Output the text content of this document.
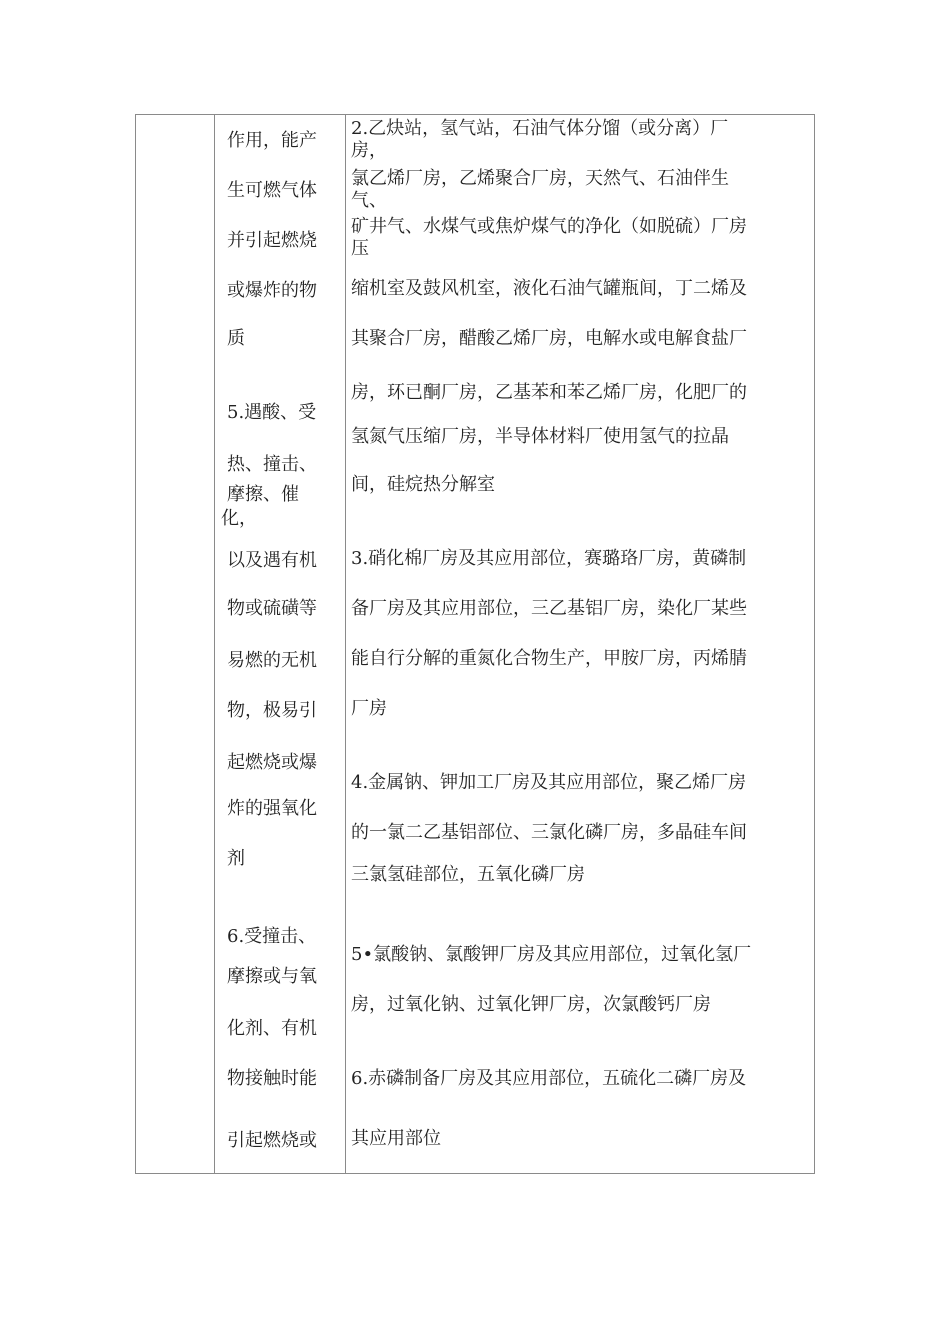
作用，能产
生可燃气体
并引起燃烧
或爆炸的物
质
5.遇酸、受
热、撞击、
摩擦、催
化，
以及遇有机
物或硫磺等
易燃的无机
物，极易引
起燃烧或爆
炸的强氧化
剂
6.受撞击、
摩擦或与氧
化剂、有机
物接触时能
引起燃烧或
2.乙炔站，氢气站，石油气体分馏（或分离）厂
房，
氯乙烯厂房，乙烯聚合厂房，天然气、石油伴生
气、
矿井气、水煤气或焦炉煤气的净化（如脱硫）厂房
压
缩机室及鼓风机室，液化石油气罐瓶间，丁二烯及
其聚合厂房，醋酸乙烯厂房，电解水或电解食盐厂
房，环已酮厂房，乙基苯和苯乙烯厂房，化肥厂的
氢氮气压缩厂房，半导体材料厂使用氢气的拉晶
间，硅烷热分解室
3.硝化棉厂房及其应用部位，赛璐珞厂房，黄磷制
备厂房及其应用部位，三乙基铝厂房，染化厂某些
能自行分解的重氮化合物生产，甲胺厂房，丙烯腈
厂房
4.金属钠、钾加工厂房及其应用部位，聚乙烯厂房
的一氯二乙基铝部位、三氯化磷厂房，多晶硅车间
三氯氢硅部位，五氧化磷厂房
5•氯酸钠、氯酸钾厂房及其应用部位，过氧化氢厂
房，过氧化钠、过氧化钾厂房，次氯酸钙厂房
6.赤磷制备厂房及其应用部位，五硫化二磷厂房及
其应用部位
